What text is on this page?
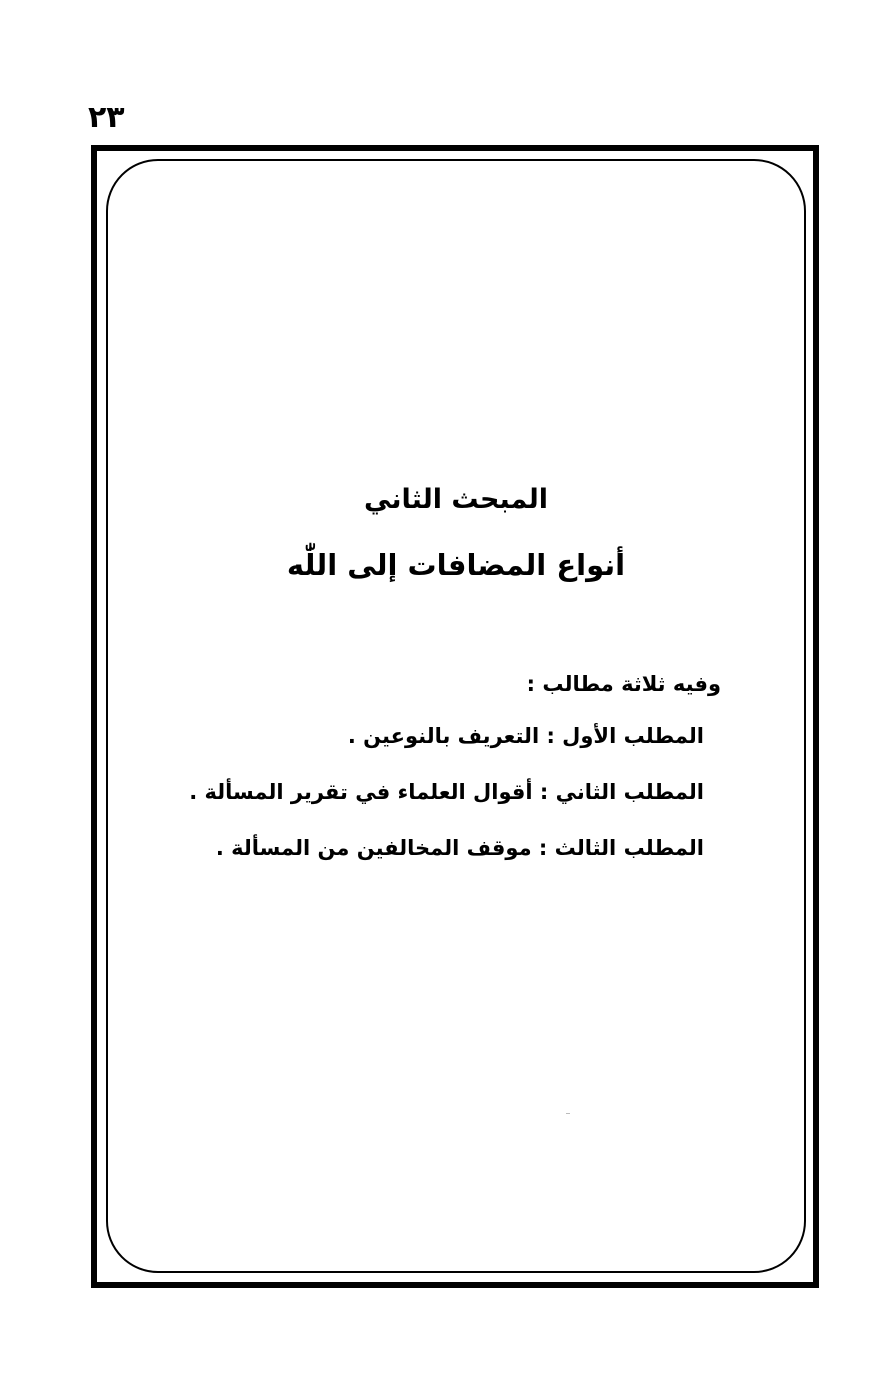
٢٣
المبحث الثاني
أنواع المضافات إلى اللّٰه
وفيه ثلاثة مطالب :
المطلب الأول : التعريف بالنوعين .
المطلب الثاني : أقوال العلماء في تقرير المسألة .
المطلب الثالث : موقف المخالفين من المسألة .
